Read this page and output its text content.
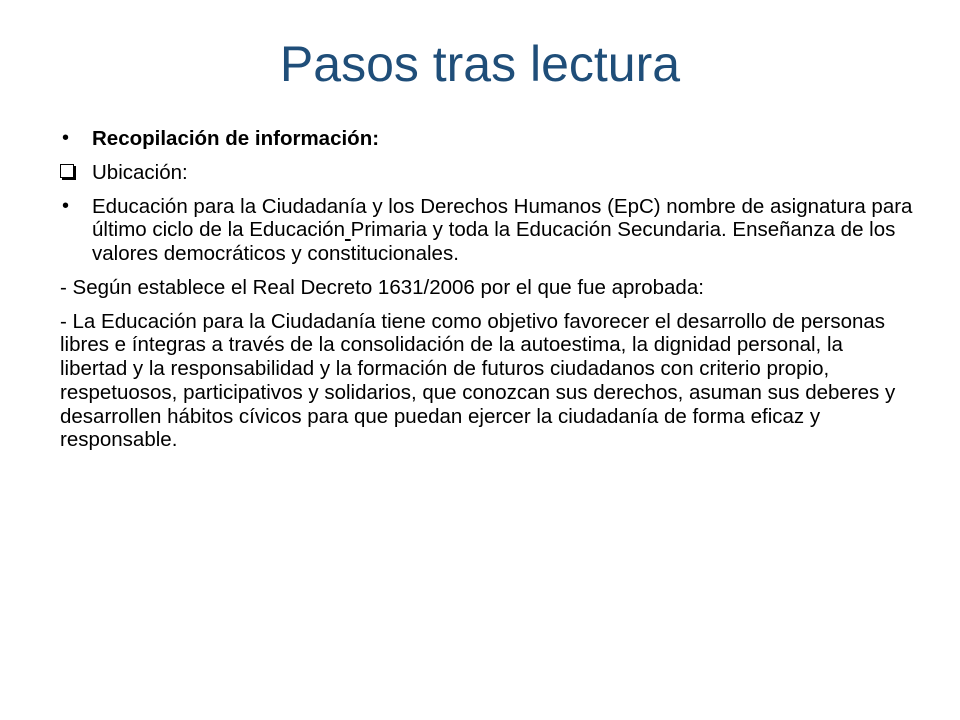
Pasos tras lectura
• Recopilación de información:
Ubicación:
• Educación para la Ciudadanía y los Derechos Humanos (EpC) nombre de asignatura para último ciclo de la Educación Primaria y toda la Educación Secundaria. Enseñanza de los valores democráticos y constitucionales.
- Según establece el Real Decreto 1631/2006 por el que fue aprobada:
- La Educación para la Ciudadanía tiene como objetivo favorecer el desarrollo de personas libres e íntegras a través de la consolidación de la autoestima, la dignidad personal, la libertad y la responsabilidad y la formación de futuros ciudadanos con criterio propio, respetuosos, participativos y solidarios, que conozcan sus derechos, asuman sus deberes y desarrollen hábitos cívicos para que puedan ejercer la ciudadanía de forma eficaz y responsable.
